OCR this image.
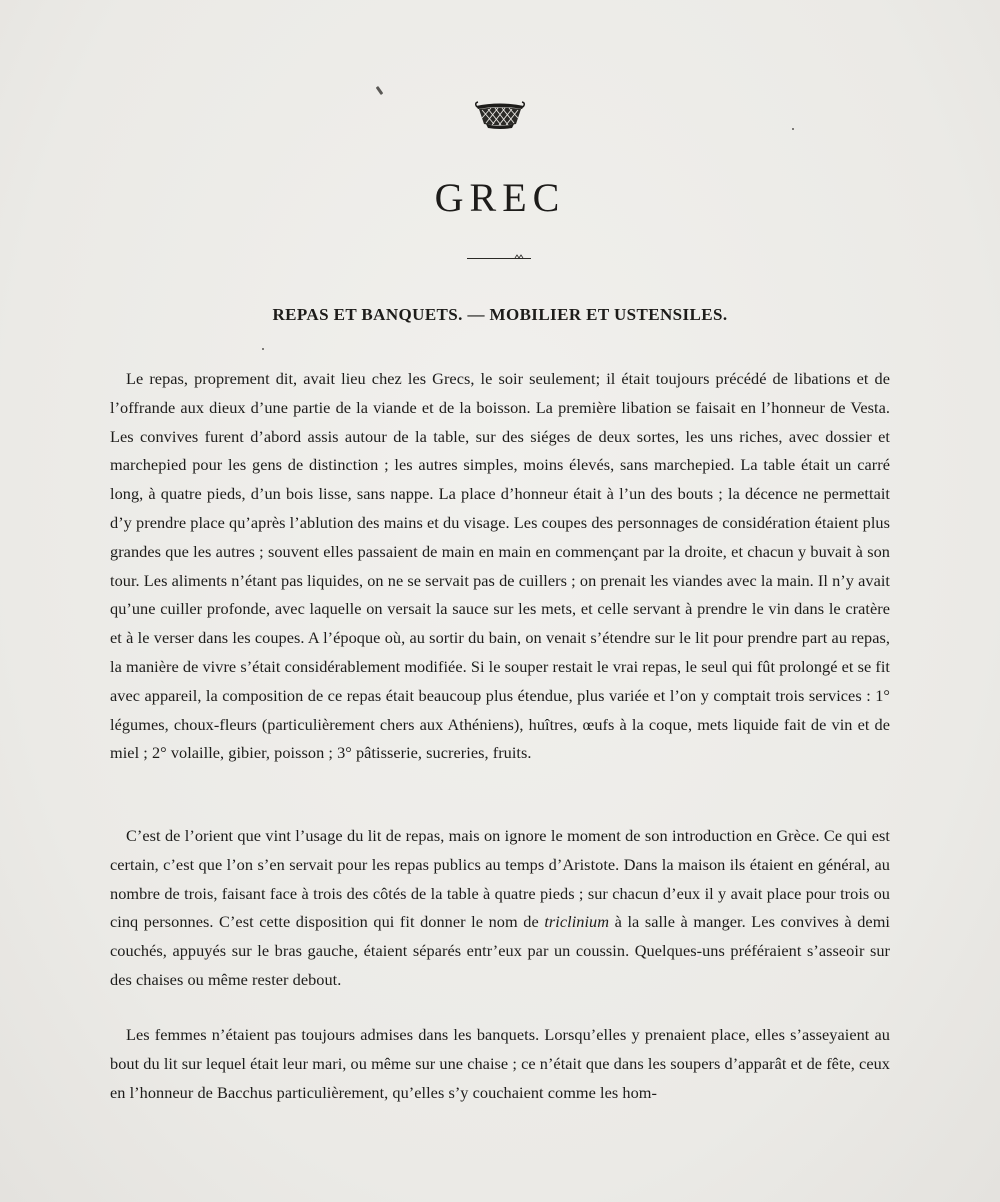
GREC
REPAS ET BANQUETS. — MOBILIER ET USTENSILES.

Le repas, proprement dit, avait lieu chez les Grecs, le soir seulement; il était toujours précédé de libations et de l’offrande aux dieux d’une partie de la viande et de la boisson. La première libation se faisait en l’honneur de Vesta. Les convives furent d’abord assis autour de la table, sur des siéges de deux sortes, les uns riches, avec dossier et marchepied pour les gens de distinction ; les autres simples, moins élevés, sans marchepied. La table était un carré long, à quatre pieds, d’un bois lisse, sans nappe. La place d’honneur était à l’un des bouts ; la décence ne permettait d’y prendre place qu’après l’ablution des mains et du visage. Les coupes des personnages de considération étaient plus grandes que les autres ; souvent elles passaient de main en main en commençant par la droite, et chacun y buvait à son tour. Les aliments n’étant pas liquides, on ne se servait pas de cuillers ; on prenait les viandes avec la main. Il n’y avait qu’une cuiller profonde, avec laquelle on versait la sauce sur les mets, et celle servant à prendre le vin dans le cratère et à le verser dans les coupes. A l’époque où, au sortir du bain, on venait s’étendre sur le lit pour prendre part au repas, la manière de vivre s’était considérablement modifiée. Si le souper restait le vrai repas, le seul qui fût prolongé et se fit avec appareil, la composition de ce repas était beaucoup plus étendue, plus variée et l’on y comptait trois services : 1° légumes, choux-fleurs (particulièrement chers aux Athéniens), huîtres, œufs à la coque, mets liquide fait de vin et de miel ; 2° volaille, gibier, poisson ; 3° pâtisserie, sucreries, fruits.

C’est de l’orient que vint l’usage du lit de repas, mais on ignore le moment de son introduction en Grèce. Ce qui est certain, c’est que l’on s’en servait pour les repas publics au temps d’Aristote. Dans la maison ils étaient en général, au nombre de trois, faisant face à trois des côtés de la table à quatre pieds ; sur chacun d’eux il y avait place pour trois ou cinq personnes. C’est cette disposition qui fit donner le nom de triclinium à la salle à manger. Les convives à demi couchés, appuyés sur le bras gauche, étaient séparés entr’eux par un coussin. Quelques-uns préféraient s’asseoir sur des chaises ou même rester debout.

Les femmes n’étaient pas toujours admises dans les banquets. Lorsqu’elles y prenaient place, elles s’asseyaient au bout du lit sur lequel était leur mari, ou même sur une chaise ; ce n’était que dans les soupers d’apparât et de fête, ceux en l’honneur de Bacchus particulièrement, qu’elles s’y couchaient comme les hom-
